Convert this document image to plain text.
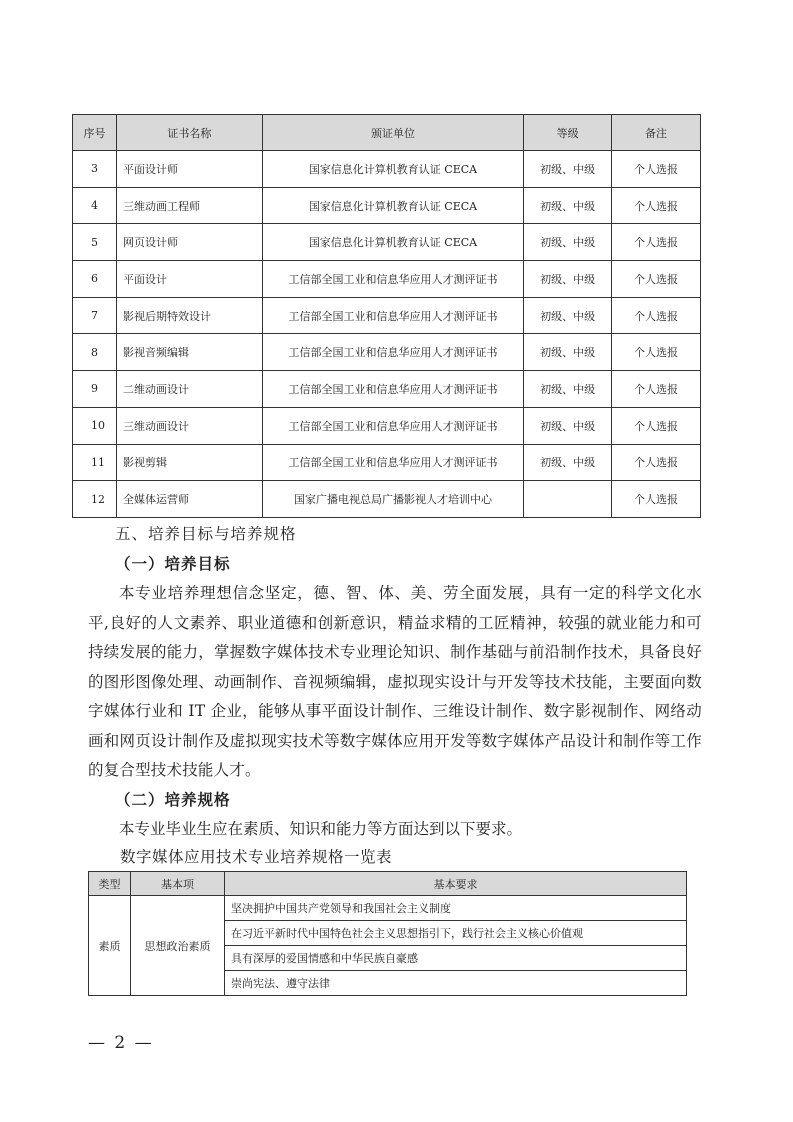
序号	证书名称	颁证单位	等级	备注
3	平面设计师	国家信息化计算机教育认证 CECA	初级、中级	个人选报
4	三维动画工程师	国家信息化计算机教育认证 CECA	初级、中级	个人选报
5	网页设计师	国家信息化计算机教育认证 CECA	初级、中级	个人选报
6	平面设计	工信部全国工业和信息华应用人才测评证书	初级、中级	个人选报
7	影视后期特效设计	工信部全国工业和信息华应用人才测评证书	初级、中级	个人选报
8	影视音频编辑	工信部全国工业和信息华应用人才测评证书	初级、中级	个人选报
9	二维动画设计	工信部全国工业和信息华应用人才测评证书	初级、中级	个人选报
10	三维动画设计	工信部全国工业和信息华应用人才测评证书	初级、中级	个人选报
11	影视剪辑	工信部全国工业和信息华应用人才测评证书	初级、中级	个人选报
12	全媒体运营师	国家广播电视总局广播影视人才培训中心		个人选报
五、培养目标与培养规格
（一）培养目标

本专业培养理想信念坚定，德、智、体、美、劳全面发展，具有一定的科学文化水平,良好的人文素养、职业道德和创新意识，精益求精的工匠精神，较强的就业能力和可持续发展的能力，掌握数字媒体技术专业理论知识、制作基础与前沿制作技术，具备良好的图形图像处理、动画制作、音视频编辑，虚拟现实设计与开发等技术技能，主要面向数字媒体行业和 IT 企业，能够从事平面设计制作、三维设计制作、数字影视制作、网络动画和网页设计制作及虚拟现实技术等数字媒体应用开发等数字媒体产品设计和制作等工作的复合型技术技能人才。

（二）培养规格

本专业毕业生应在素质、知识和能力等方面达到以下要求。

数字媒体应用技术专业培养规格一览表

类型	基本项	基本要求
素质	思想政治素质	坚决拥护中国共产党领导和我国社会主义制度
		在习近平新时代中国特色社会主义思想指引下，践行社会主义核心价值观
		具有深厚的爱国情感和中华民族自豪感
		崇尚宪法、遵守法律
— 2 —
